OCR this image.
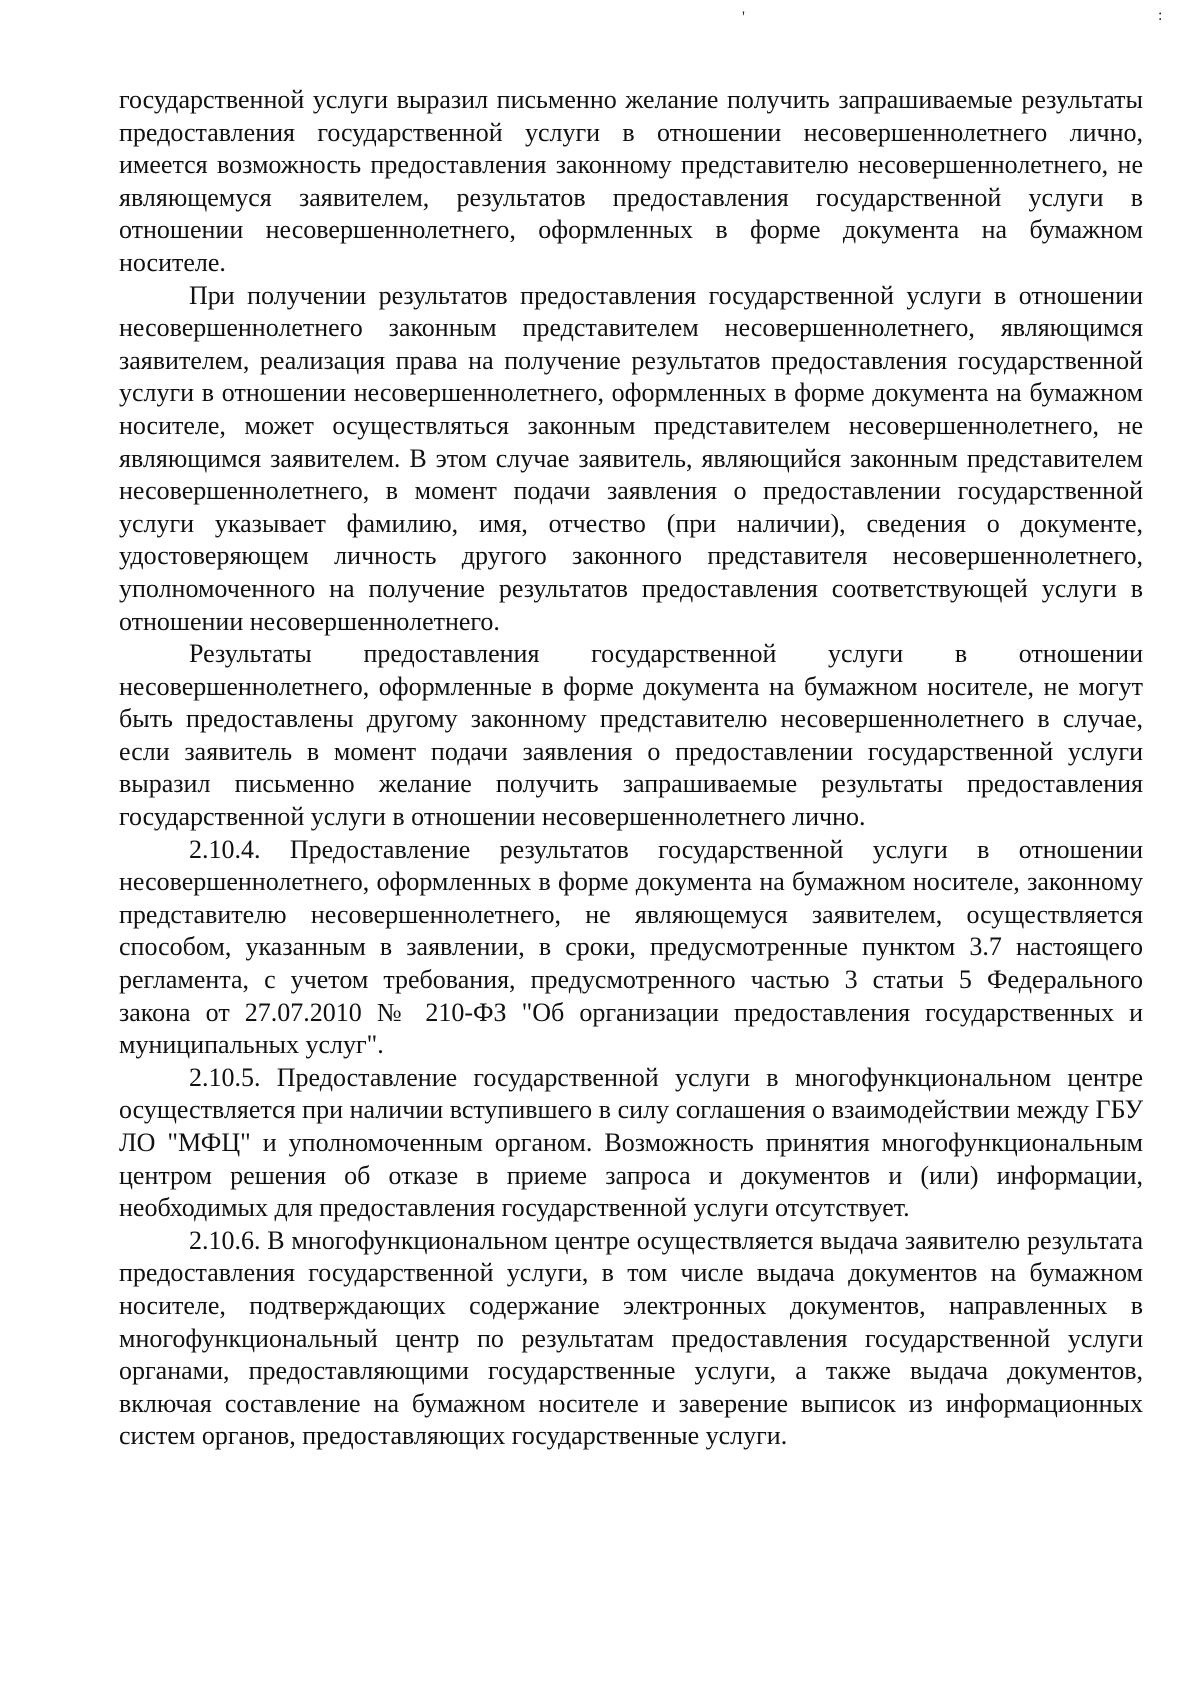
'	:

государственной услуги выразил письменно желание получить запрашиваемые результаты предоставления государственной услуги в отношении несовершеннолетнего лично, имеется возможность предоставления законному представителю несовершеннолетнего, не являющемуся заявителем, результатов предоставления государственной услуги в отношении несовершеннолетнего, оформленных в форме документа на бумажном носителе.

При получении результатов предоставления государственной услуги в отношении несовершеннолетнего законным представителем несовершеннолетнего, являющимся заявителем, реализация права на получение результатов предоставления государственной услуги в отношении несовершеннолетнего, оформленных в форме документа на бумажном носителе, может осуществляться законным представителем несовершеннолетнего, не являющимся заявителем. В этом случае заявитель, являющийся законным представителем несовершеннолетнего, в момент подачи заявления о предоставлении государственной услуги указывает фамилию, имя, отчество (при наличии), сведения о документе, удостоверяющем личность другого законного представителя несовершеннолетнего, уполномоченного на получение результатов предоставления соответствующей услуги в отношении несовершеннолетнего.

Результаты предоставления государственной услуги в отношении несовершеннолетнего, оформленные в форме документа на бумажном носителе, не могут быть предоставлены другому законному представителю несовершеннолетнего в случае, если заявитель в момент подачи заявления о предоставлении государственной услуги выразил письменно желание получить запрашиваемые результаты предоставления государственной услуги в отношении несовершеннолетнего лично.

2.10.4. Предоставление результатов государственной услуги в отношении несовершеннолетнего, оформленных в форме документа на бумажном носителе, законному представителю несовершеннолетнего, не являющемуся заявителем, осуществляется способом, указанным в заявлении, в сроки, предусмотренные пунктом 3.7 настоящего регламента, с учетом требования, предусмотренного частью 3 статьи 5 Федерального закона от 27.07.2010 № 210-ФЗ "Об организации предоставления государственных и муниципальных услуг".

2.10.5. Предоставление государственной услуги в многофункциональном центре осуществляется при наличии вступившего в силу соглашения о взаимодействии между ГБУ ЛО "МФЦ" и уполномоченным органом. Возможность принятия многофункциональным центром решения об отказе в приеме запроса и документов и (или) информации, необходимых для предоставления государственной услуги отсутствует.

2.10.6. В многофункциональном центре осуществляется выдача заявителю результата предоставления государственной услуги, в том числе выдача документов на бумажном носителе, подтверждающих содержание электронных документов, направленных в многофункциональный центр по результатам предоставления государственной услуги органами, предоставляющими государственные услуги, а также выдача документов, включая составление на бумажном носителе и заверение выписок из информационных систем органов, предоставляющих государственные услуги.
